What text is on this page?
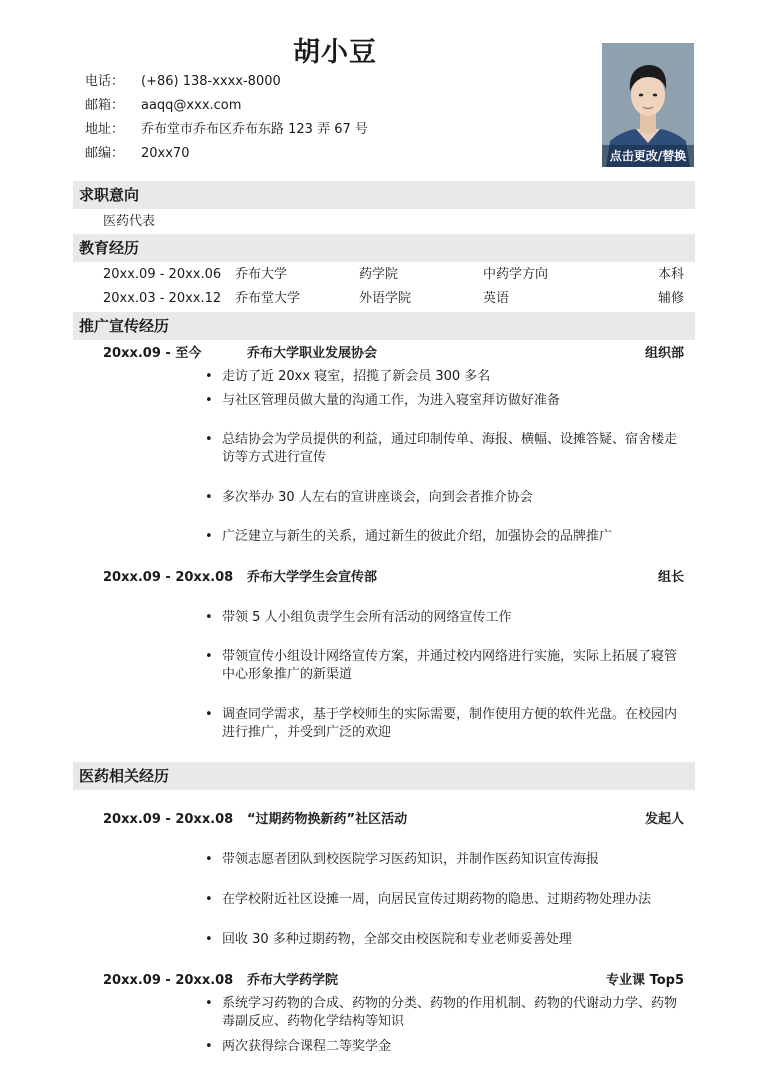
胡小豆
电话： (+86) 138-xxxx-8000
邮箱： aaqq@xxx.com
地址： 乔布堂市乔布区乔布东路 123 弄 67 号
邮编： 20xx70	点击更改/替换
求职意向
医药代表
教育经历
20xx.09 - 20xx.06 乔布大学	药学院	中药学方向	本科
20xx.03 - 20xx.12 乔布堂大学	外语学院	英语	辅修
推广宣传经历
20xx.09 - 至今	乔布大学职业发展协会	组织部
• 走访了近 20xx 寝室，招揽了新会员 300 多名
• 与社区管理员做大量的沟通工作，为进入寝室拜访做好准备
• 总结协会为学员提供的利益，通过印制传单、海报、横幅、设摊答疑、宿舍楼走访等方式进行宣传
• 多次举办 30 人左右的宣讲座谈会，向到会者推介协会
• 广泛建立与新生的关系，通过新生的彼此介绍，加强协会的品牌推广
20xx.09 - 20xx.08 乔布大学学生会宣传部	组长
• 带领 5 人小组负责学生会所有活动的网络宣传工作
• 带领宣传小组设计网络宣传方案，并通过校内网络进行实施，实际上拓展了寝管中心形象推广的新渠道
• 调查同学需求，基于学校师生的实际需要，制作使用方便的软件光盘。在校园内进行推广，并受到广泛的欢迎
医药相关经历
20xx.09 - 20xx.08 “过期药物换新药”社区活动	发起人
• 带领志愿者团队到校医院学习医药知识，并制作医药知识宣传海报
• 在学校附近社区设摊一周，向居民宣传过期药物的隐患、过期药物处理办法
• 回收 30 多种过期药物，全部交由校医院和专业老师妥善处理
20xx.09 - 20xx.08 乔布大学药学院	专业课 Top5
• 系统学习药物的合成、药物的分类、药物的作用机制、药物的代谢动力学、药物毒副反应、药物化学结构等知识
• 两次获得综合课程二等奖学金
